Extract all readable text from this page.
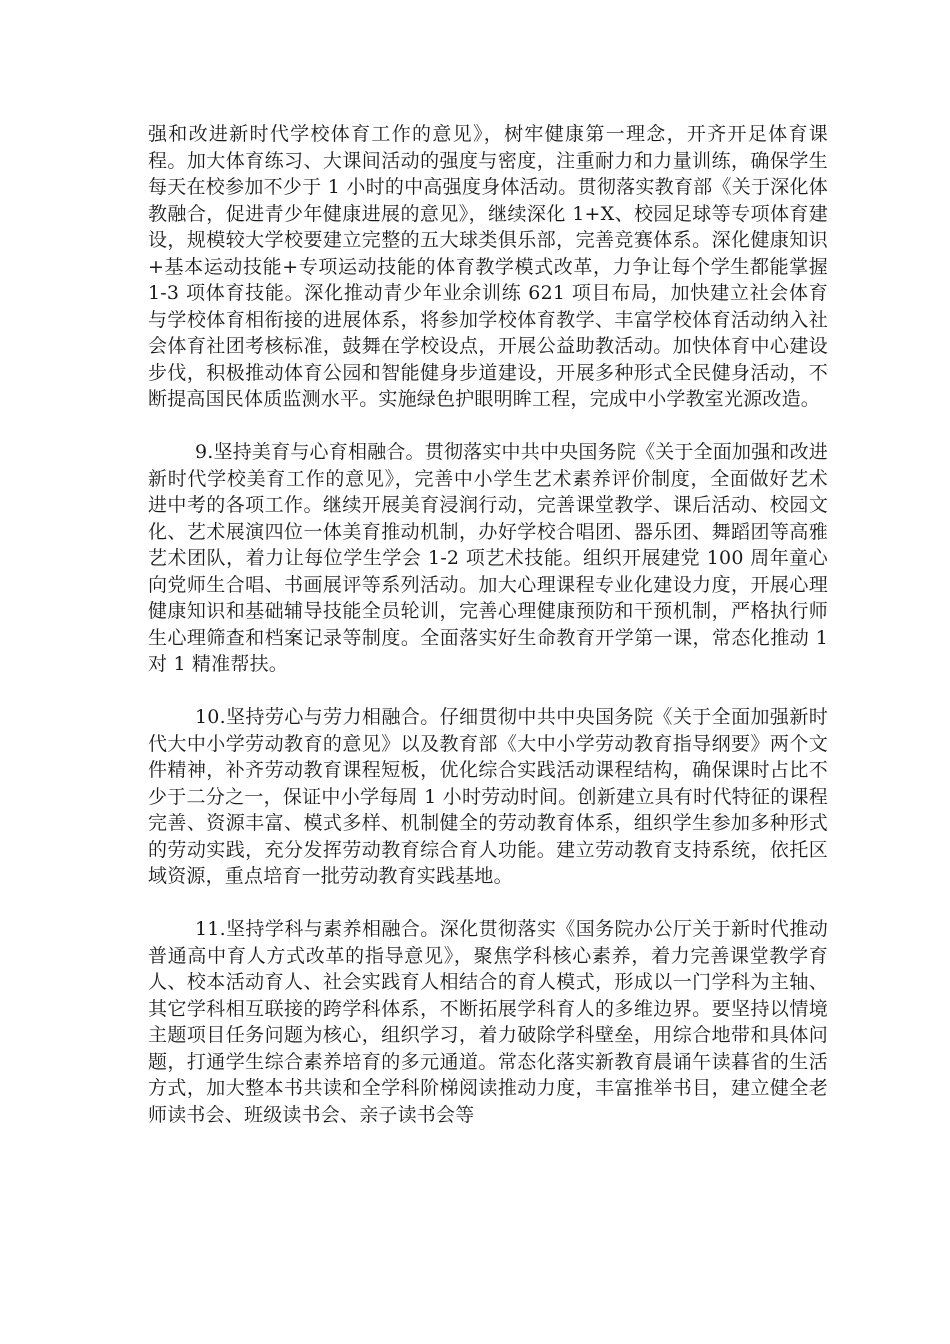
强和改进新时代学校体育工作的意见》，树牢健康第一理念，开齐开足体育课程。加大体育练习、大课间活动的强度与密度，注重耐力和力量训练，确保学生每天在校参加不少于 1 小时的中高强度身体活动。贯彻落实教育部《关于深化体教融合，促进青少年健康进展的意见》，继续深化 1+X、校园足球等专项体育建设，规模较大学校要建立完整的五大球类俱乐部，完善竞赛体系。深化健康知识+基本运动技能+专项运动技能的体育教学模式改革，力争让每个学生都能掌握 1-3 项体育技能。深化推动青少年业余训练 621 项目布局，加快建立社会体育与学校体育相衔接的进展体系，将参加学校体育教学、丰富学校体育活动纳入社会体育社团考核标准，鼓舞在学校设点，开展公益助教活动。加快体育中心建设步伐，积极推动体育公园和智能健身步道建设，开展多种形式全民健身活动，不断提高国民体质监测水平。实施绿色护眼明眸工程，完成中小学教室光源改造。

9.坚持美育与心育相融合。贯彻落实中共中央国务院《关于全面加强和改进新时代学校美育工作的意见》，完善中小学生艺术素养评价制度，全面做好艺术进中考的各项工作。继续开展美育浸润行动，完善课堂教学、课后活动、校园文化、艺术展演四位一体美育推动机制，办好学校合唱团、器乐团、舞蹈团等高雅艺术团队，着力让每位学生学会 1-2 项艺术技能。组织开展建党 100 周年童心向党师生合唱、书画展评等系列活动。加大心理课程专业化建设力度，开展心理健康知识和基础辅导技能全员轮训，完善心理健康预防和干预机制，严格执行师生心理筛查和档案记录等制度。全面落实好生命教育开学第一课，常态化推动 1 对 1 精准帮扶。

10.坚持劳心与劳力相融合。仔细贯彻中共中央国务院《关于全面加强新时代大中小学劳动教育的意见》以及教育部《大中小学劳动教育指导纲要》两个文件精神，补齐劳动教育课程短板，优化综合实践活动课程结构，确保课时占比不少于二分之一，保证中小学每周 1 小时劳动时间。创新建立具有时代特征的课程完善、资源丰富、模式多样、机制健全的劳动教育体系，组织学生参加多种形式的劳动实践，充分发挥劳动教育综合育人功能。建立劳动教育支持系统，依托区域资源，重点培育一批劳动教育实践基地。

11.坚持学科与素养相融合。深化贯彻落实《国务院办公厅关于新时代推动普通高中育人方式改革的指导意见》，聚焦学科核心素养，着力完善课堂教学育人、校本活动育人、社会实践育人相结合的育人模式，形成以一门学科为主轴、其它学科相互联接的跨学科体系，不断拓展学科育人的多维边界。要坚持以情境主题项目任务问题为核心，组织学习，着力破除学科壁垒，用综合地带和具体问题，打通学生综合素养培育的多元通道。常态化落实新教育晨诵午读暮省的生活方式，加大整本书共读和全学科阶梯阅读推动力度，丰富推举书目，建立健全老师读书会、班级读书会、亲子读书会等
